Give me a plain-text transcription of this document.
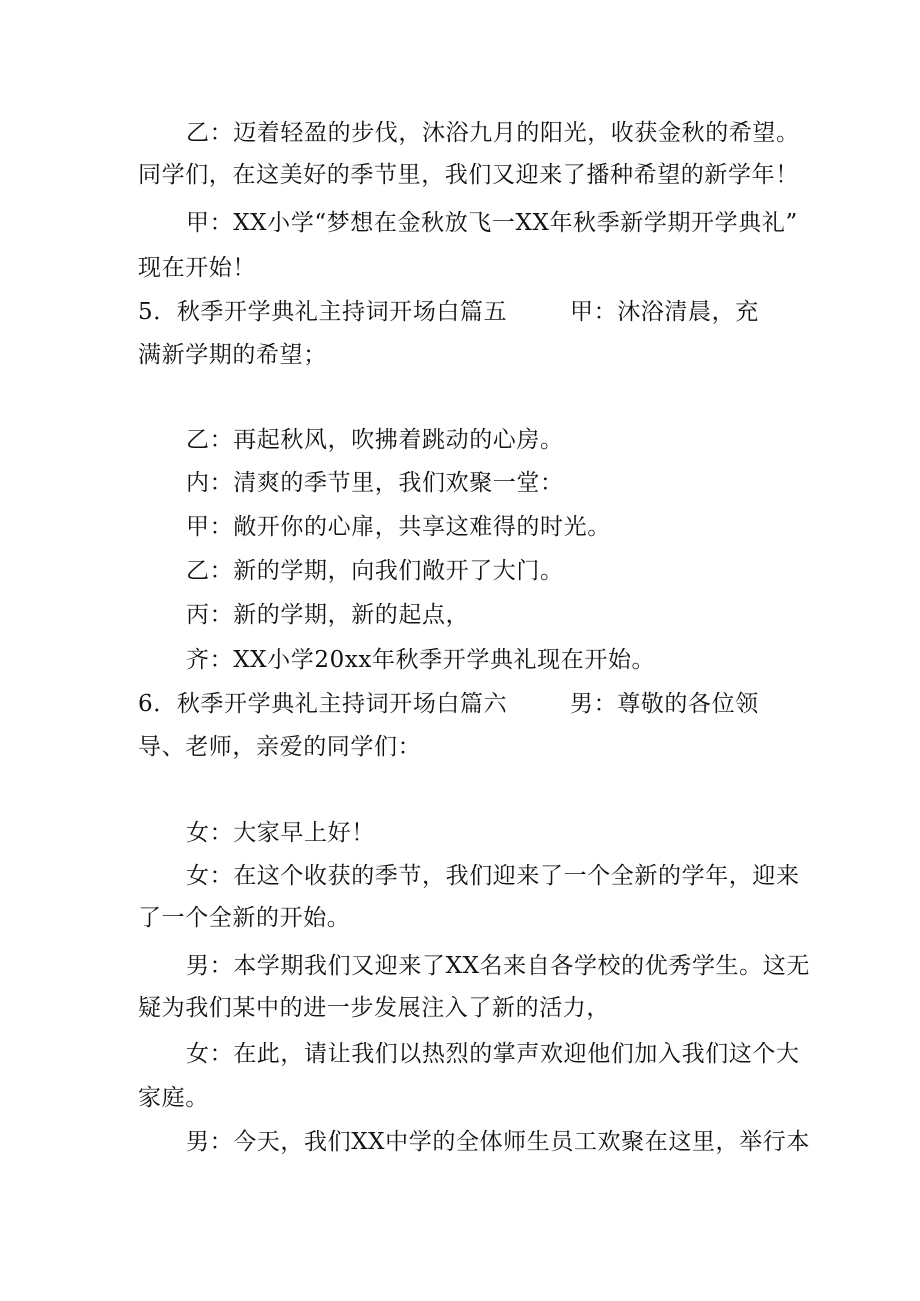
乙：迈着轻盈的步伐，沐浴九月的阳光，收获金秋的希望。
同学们，在这美好的季节里，我们又迎来了播种希望的新学年！
甲：XX小学“梦想在金秋放飞一XX年秋季新学期开学典礼”
现在开始！
5．秋季开学典礼主持词开场白篇五	甲：沐浴清晨，充
满新学期的希望；
乙：再起秋风，吹拂着跳动的心房。
内：清爽的季节里，我们欢聚一堂：
甲：敞开你的心扉，共享这难得的时光。
乙：新的学期，向我们敞开了大门。
丙：新的学期，新的起点，
齐：XX小学20xx年秋季开学典礼现在开始。
6．秋季开学典礼主持词开场白篇六	男：尊敬的各位领
导、老师，亲爱的同学们：
女：大家早上好！
女：在这个收获的季节，我们迎来了一个全新的学年，迎来
了一个全新的开始。
男：本学期我们又迎来了XX名来自各学校的优秀学生。这无
疑为我们某中的进一步发展注入了新的活力，
女：在此，请让我们以热烈的掌声欢迎他们加入我们这个大
家庭。
男：今天，我们XX中学的全体师生员工欢聚在这里，举行本
